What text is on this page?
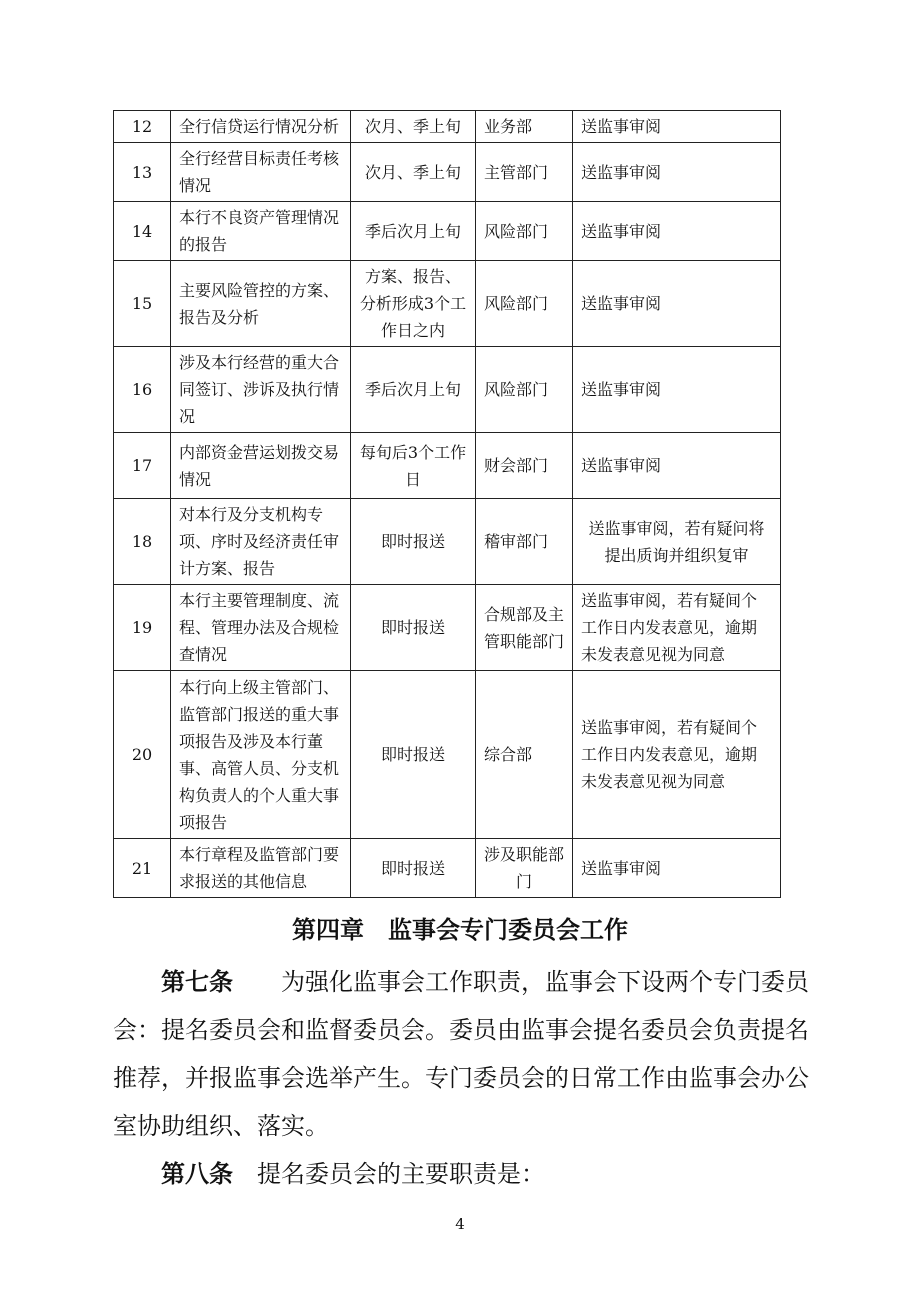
12	全行信贷运行情况分析	次月、季上旬	业务部	送监事审阅
13	全行经营目标责任考核情况	次月、季上旬	主管部门	送监事审阅
14	本行不良资产管理情况的报告	季后次月上旬	风险部门	送监事审阅
15	主要风险管控的方案、报告及分析	方案、报告、分析形成3个工作日之内	风险部门	送监事审阅
16	涉及本行经营的重大合同签订、涉诉及执行情况	季后次月上旬	风险部门	送监事审阅
17	内部资金营运划拨交易情况	每旬后3个工作日	财会部门	送监事审阅
18	对本行及分支机构专项、序时及经济责任审计方案、报告	即时报送	稽审部门	送监事审阅，若有疑问将提出质询并组织复审
19	本行主要管理制度、流程、管理办法及合规检查情况	即时报送	合规部及主管职能部门	送监事审阅，若有疑间个工作日内发表意见，逾期未发表意见视为同意
20	本行向上级主管部门、监管部门报送的重大事项报告及涉及本行董事、高管人员、分支机构负责人的个人重大事项报告	即时报送	综合部	送监事审阅，若有疑间个工作日内发表意见，逾期未发表意见视为同意
21	本行章程及监管部门要求报送的其他信息	即时报送	涉及职能部门	送监事审阅
第四章　监事会专门委员会工作
第七条 为强化监事会工作职责，监事会下设两个专门委员会：提名委员会和监督委员会。委员由监事会提名委员会负责提名推荐，并报监事会选举产生。专门委员会的日常工作由监事会办公室协助组织、落实。
第八条 提名委员会的主要职责是：
4
